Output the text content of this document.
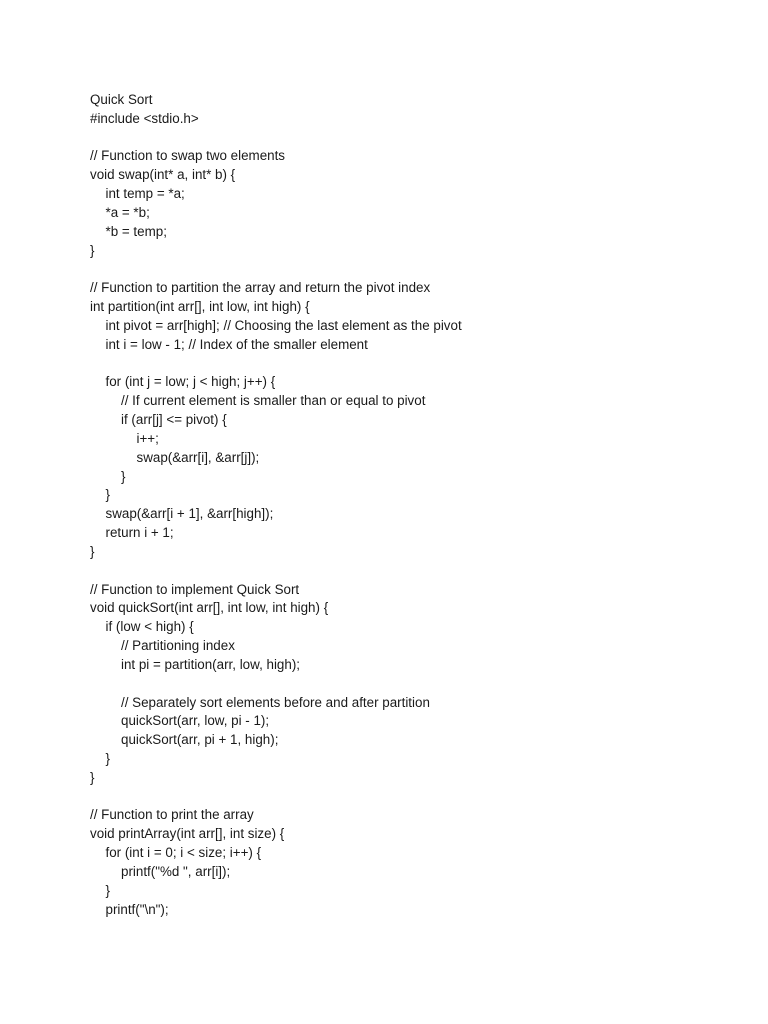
Quick Sort
#include <stdio.h>
// Function to swap two elements
void swap(int* a, int* b) {
int temp = *a;
*a = *b;
*b = temp;
}
// Function to partition the array and return the pivot index
int partition(int arr[], int low, int high) {
int pivot = arr[high]; // Choosing the last element as the pivot
int i = low - 1; // Index of the smaller element
for (int j = low; j < high; j++) {
// If current element is smaller than or equal to pivot
if (arr[j] <= pivot) {
i++;
swap(&arr[i], &arr[j]);
}
}
swap(&arr[i + 1], &arr[high]);
return i + 1;
}
// Function to implement Quick Sort
void quickSort(int arr[], int low, int high) {
if (low < high) {
// Partitioning index
int pi = partition(arr, low, high);
// Separately sort elements before and after partition
quickSort(arr, low, pi - 1);
quickSort(arr, pi + 1, high);
}
}
// Function to print the array
void printArray(int arr[], int size) {
for (int i = 0; i < size; i++) {
printf("%d ", arr[i]);
}
printf("\n");
